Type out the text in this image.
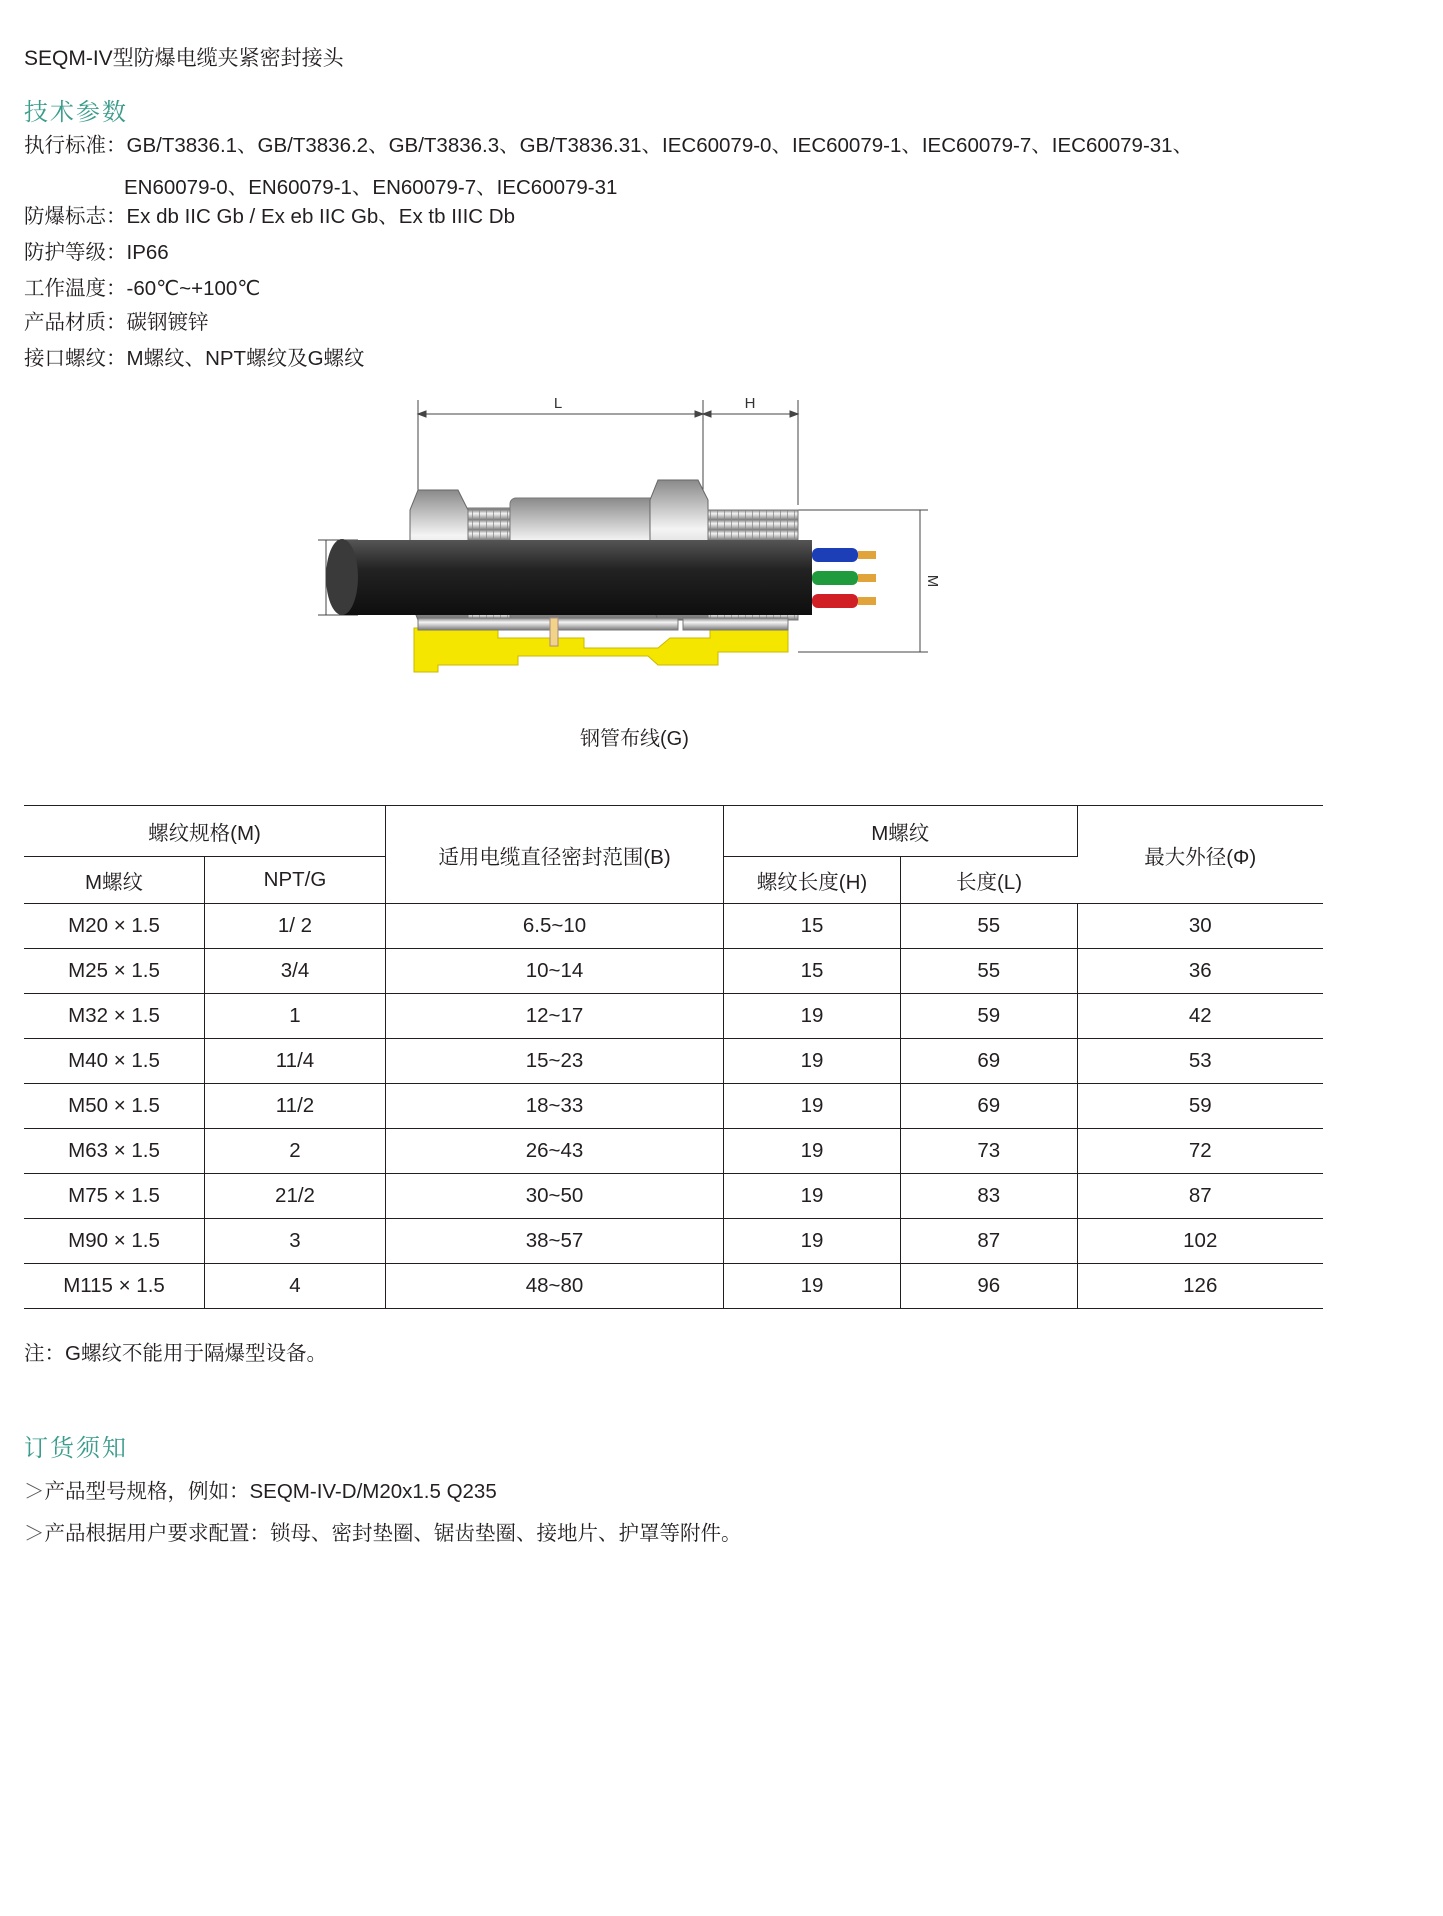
SEQM-IV型防爆电缆夹紧密封接头
技术参数
执行标准：GB/T3836.1、GB/T3836.2、GB/T3836.3、GB/T3836.31、IEC60079-0、IEC60079-1、IEC60079-7、IEC60079-31、
EN60079-0、EN60079-1、EN60079-7、IEC60079-31
防爆标志：Ex db IIC Gb / Ex eb IIC Gb、Ex tb IIIC Db
防护等级：IP66
工作温度：-60℃~+100℃
产品材质：碳钢镀锌
接口螺纹：M螺纹、NPT螺纹及G螺纹
L	H
M
钢管布线(G)
螺纹规格(M)		适用电缆直径密封范围(B)	M螺纹		最大外径(Φ)
M螺纹	NPT/G		螺纹长度(H)	长度(L)	
M20 × 1.5	1/ 2	6.5~10	15	55	30
M25 × 1.5	3/4	10~14	15	55	36
M32 × 1.5	1	12~17	19	59	42
M40 × 1.5	11/4	15~23	19	69	53
M50 × 1.5	11/2	18~33	19	69	59
M63 × 1.5	2	26~43	19	73	72
M75 × 1.5	21/2	30~50	19	83	87
M90 × 1.5	3	38~57	19	87	102
M115 × 1.5	4	48~80	19	96	126
注：G螺纹不能用于隔爆型设备。
订货须知
＞产品型号规格，例如：SEQM-IV-D/M20x1.5 Q235
＞产品根据用户要求配置：锁母、密封垫圈、锯齿垫圈、接地片、护罩等附件。
